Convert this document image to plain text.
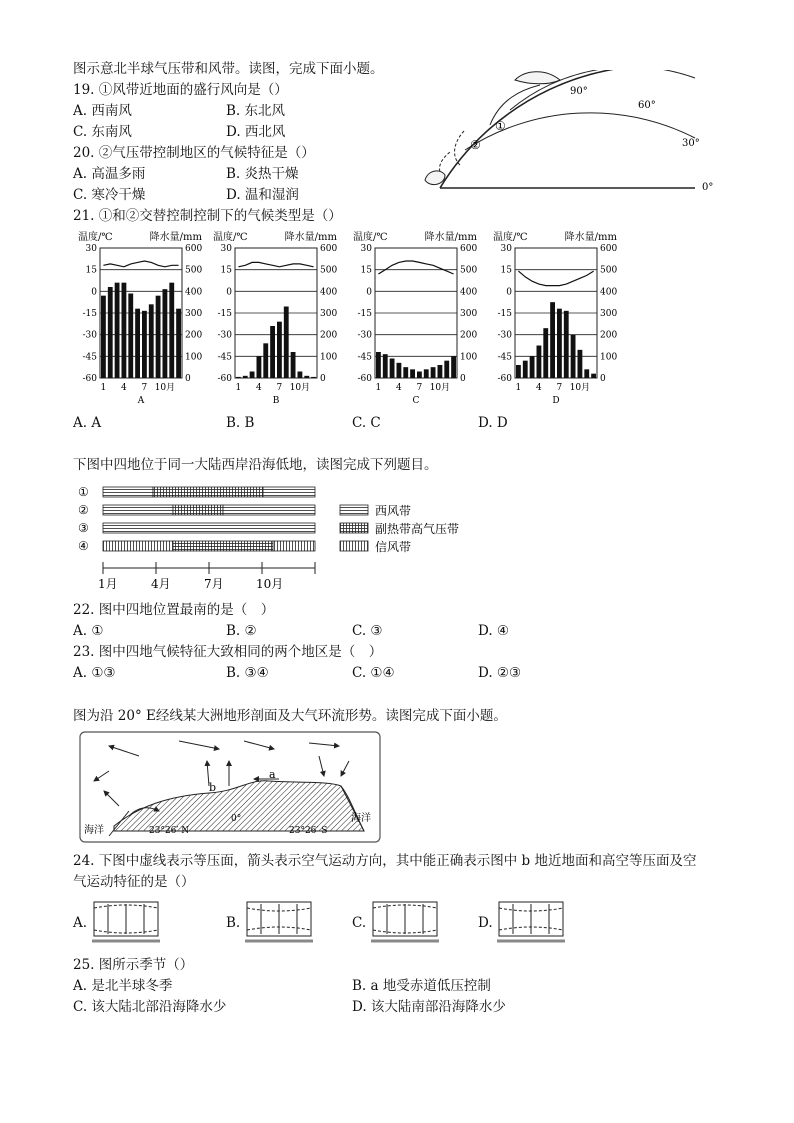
图示意北半球气压带和风带。读图，完成下面小题。
19. ①风带近地面的盛行风向是（）
A. 西南风	B. 东北风
C. 东南风	D. 西北风
20. ②气压带控制地区的气候特征是（）
A. 高温多雨	B. 炎热干燥
C. 寒冷干燥	D. 温和湿润
21. ①和②交替控制控制下的气候类型是（）
90°
60°
30°
0°
①
②
温度/℃	降水量/mm
30	600
15	500
0	400
-15	300
-30	200
-45	100
-60	0
1 4 7 10月
A
温度/℃	降水量/mm
30	600
15	500
0	400
-15	300
-30	200
-45	100
-60	0
1 4 7 10月
B
温度/℃	降水量/mm
30	600
15	500
0	400
-15	300
-30	200
-45	100
-60	0
1 4 7 10月
C
温度/℃	降水量/mm
30	600
15	500
0	400
-15	300
-30	200
-45	100
-60	0
1 4 7 10月
D
A. A	B. B	C. C	D. D
下图中四地位于同一大陆西岸沿海低地，读图完成下列题目。
①
②
③
④
1月	4月	7月	10月
西风带
副热带高气压带
信风带
22. 图中四地位置最南的是（　）
A. ①	B. ②	C. ③	D. ④
23. 图中四地气候特征大致相同的两个地区是（　）
A. ①③	B. ③④	C. ①④	D. ②③
图为沿 20° E经线某大洲地形剖面及大气环流形势。读图完成下面小题。
a
b
海洋
海洋
23°26′ N
0°
23°26′ S
24. 下图中虚线表示等压面，箭头表示空气运动方向，其中能正确表示图中 b 地近地面和高空等压面及空
气运动特征的是（）
A.	B.	C.	D.
25. 图所示季节（）
A. 是北半球冬季	B. a 地受赤道低压控制
C. 该大陆北部沿海降水少	D. 该大陆南部沿海降水少
